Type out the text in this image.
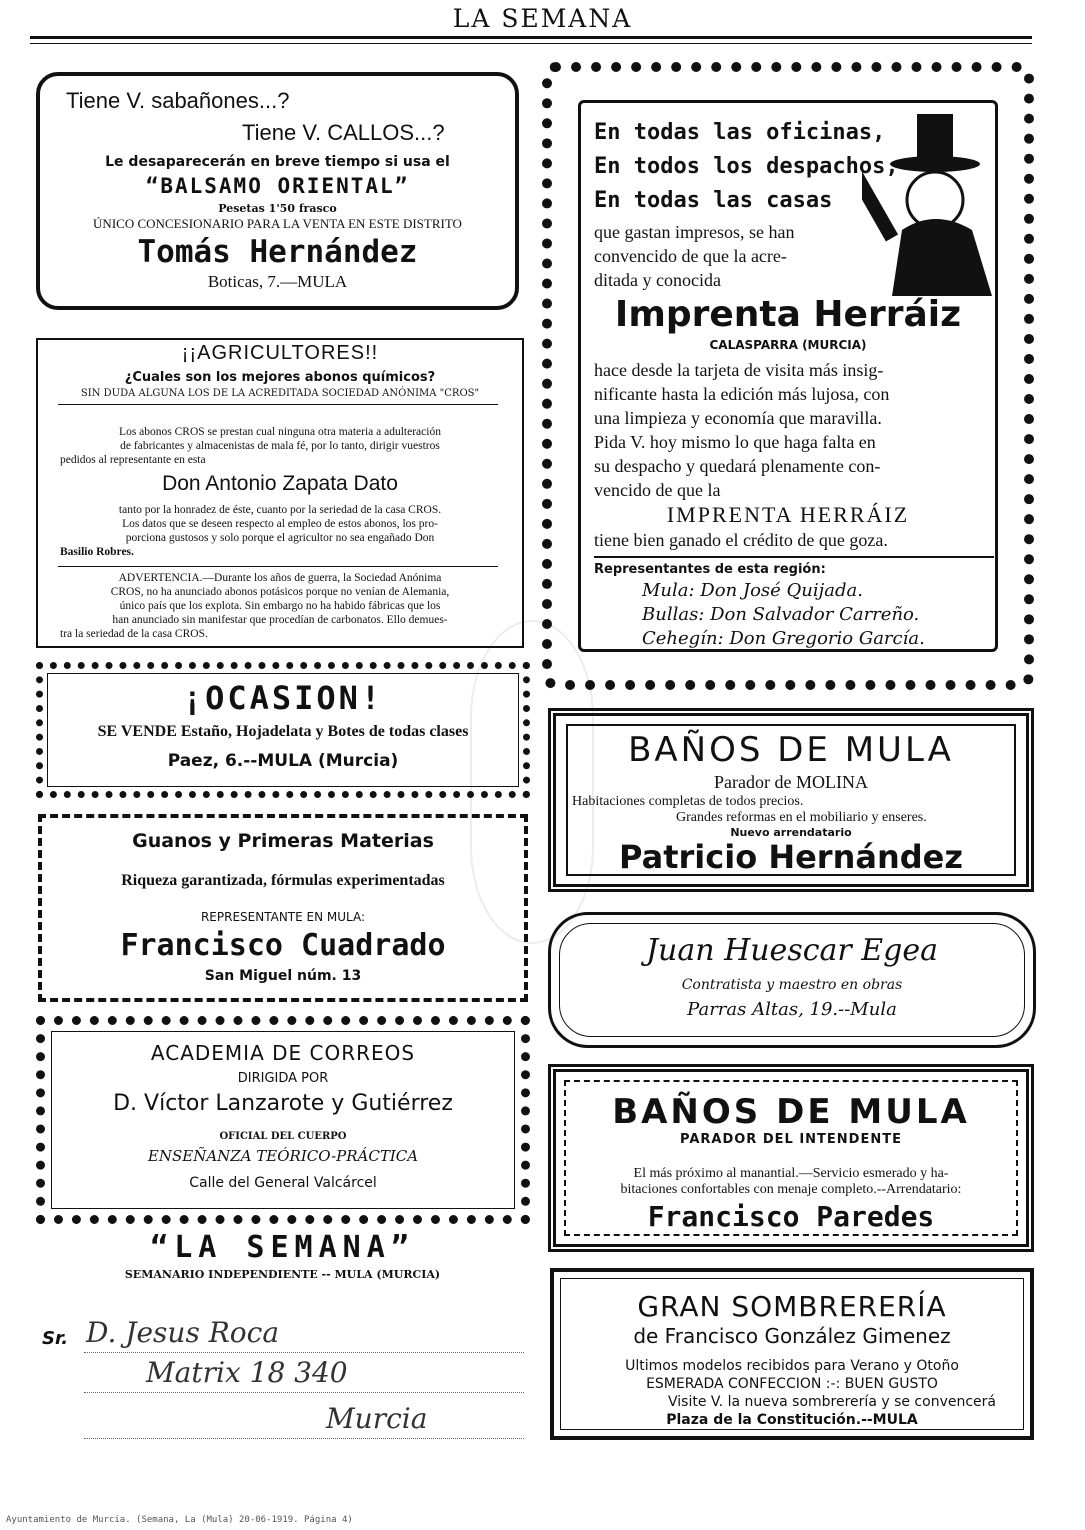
LA SEMANA

Tiene V. sabañones...?

Tiene V. CALLOS...?

Le desaparecerán en breve tiempo si usa el

“BALSAMO ORIENTAL”

Pesetas 1'50 frasco

ÚNICO CONCESIONARIO PARA LA VENTA EN ESTE DISTRITO

Tomás Hernández

Boticas, 7.—MULA

¡¡AGRICULTORES!!

¿Cuales son los mejores abonos químicos?

SIN DUDA ALGUNA LOS DE LA ACREDITADA SOCIEDAD ANÓNIMA "CROS"

Los abonos CROS se prestan cual ninguna otra materia a adulteración

de fabricantes y almacenistas de mala fé, por lo tanto, dirigir vuestros

pedidos al representante en esta

Don Antonio Zapata Dato

tanto por la honradez de éste, cuanto por la seriedad de la casa CROS.

Los datos que se deseen respecto al empleo de estos abonos, los pro-

porciona gustosos y solo porque el agricultor no sea engañado Don

Basilio Robres.

ADVERTENCIA.—Durante los años de guerra, la Sociedad Anónima

CROS, no ha anunciado abonos potásicos porque no venían de Alemania,

único país que los explota. Sin embargo no ha habido fábricas que los

han anunciado sin manifestar que procedían de carbonatos. Ello demues-

tra la seriedad de la casa CROS.

¡OCASION!

SE VENDE Estaño, Hojadelata y Botes de todas clases

Paez, 6.--MULA (Murcia)

Guanos y Primeras Materias

Riqueza garantizada, fórmulas experimentadas

REPRESENTANTE EN MULA:

Francisco Cuadrado

San Miguel núm. 13

ACADEMIA DE CORREOS

DIRIGIDA POR

D. Víctor Lanzarote y Gutiérrez

OFICIAL DEL CUERPO

ENSEÑANZA TEÓRICO-PRÁCTICA

Calle del General Valcárcel

“LA SEMANA”

SEMANARIO INDEPENDIENTE -- MULA (MURCIA)

Sr. D. Jesus Roca
Matrix 18 340
Murcia

En todas las oficinas,

En todos los despachos,

En todas las casas

que gastan impresos, se han

convencido de que la acre-

ditada y conocida

Imprenta Herráiz

CALASPARRA (MURCIA)

hace desde la tarjeta de visita más insig-

nificante hasta la edición más lujosa, con

una limpieza y economía que maravilla.

Pida V. hoy mismo lo que haga falta en

su despacho y quedará plenamente con-

vencido de que la

IMPRENTA HERRÁIZ

tiene bien ganado el crédito de que goza.

Representantes de esta región:

Mula: Don José Quijada.

Bullas: Don Salvador Carreño.

Cehegín: Don Gregorio García.

BAÑOS DE MULA

Parador de MOLINA

Habitaciones completas de todos precios.

Grandes reformas en el mobiliario y enseres.

Nuevo arrendatario

Patricio Hernández

Juan Huescar Egea

Contratista y maestro en obras

Parras Altas, 19.--Mula

BAÑOS DE MULA

PARADOR DEL INTENDENTE

El más próximo al manantial.—Servicio esmerado y ha-

bitaciones confortables con menaje completo.--Arrendatario:

Francisco Paredes

GRAN SOMBRERERÍA

de Francisco González Gimenez

Ultimos modelos recibidos para Verano y Otoño

ESMERADA CONFECCION :-: BUEN GUSTO

Visite V. la nueva sombrerería y se convencerá

Plaza de la Constitución.--MULA

Ayuntamiento de Murcia. (Semana, La (Mula) 20-06-1919. Página 4)
